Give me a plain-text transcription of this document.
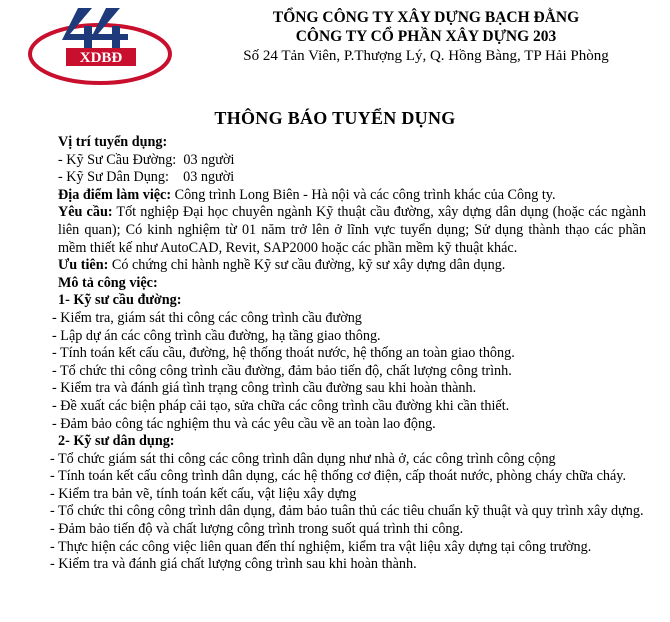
XDBĐ
TỔNG CÔNG TY XÂY DỰNG BẠCH ĐẰNG
CÔNG TY CỔ PHẦN XÂY DỰNG 203
Số 24 Tản Viên, P.Thượng Lý, Q. Hồng Bàng, TP Hải Phòng
THÔNG BÁO TUYỂN DỤNG

Vị trí tuyển dụng:

- Kỹ Sư Cầu Đường:  03 người

- Kỹ Sư Dân Dụng:    03 người

Địa điểm làm việc: Công trình Long Biên - Hà nội và các công trình khác của Công ty.

Yêu cầu: Tốt nghiệp Đại học chuyên ngành Kỹ thuật cầu đường, xây dựng dân dụng (hoặc các ngành liên quan); Có kinh nghiệm từ 01 năm trở lên ở lĩnh vực tuyển dụng; Sử dụng thành thạo các phần mềm thiết kế như AutoCAD, Revit, SAP2000 hoặc các phần mềm kỹ thuật khác.

Ưu tiên: Có chứng chỉ hành nghề Kỹ sư cầu đường, kỹ sư xây dựng dân dụng.

Mô tả công việc:

1- Kỹ sư cầu đường:

- Kiểm tra, giám sát thi công các công trình cầu đường

- Lập dự án các công trình cầu đường, hạ tầng giao thông.

- Tính toán kết cấu cầu, đường, hệ thống thoát nước, hệ thống an toàn giao thông.

- Tổ chức thi công công trình cầu đường, đảm bảo tiến độ, chất lượng công trình.

- Kiểm tra và đánh giá tình trạng công trình cầu đường sau khi hoàn thành.

- Đề xuất các biện pháp cải tạo, sửa chữa các công trình cầu đường khi cần thiết.

- Đảm bảo công tác nghiệm thu và các yêu cầu về an toàn lao động.

2- Kỹ sư dân dụng:

- Tổ chức giám sát thi công các công trình dân dụng như nhà ở, các công trình công cộng

- Tính toán kết cấu công trình dân dụng, các hệ thống cơ điện, cấp thoát nước, phòng cháy chữa cháy.

- Kiểm tra bản vẽ, tính toán kết cấu, vật liệu xây dựng

- Tổ chức thi công công trình dân dụng, đảm bảo tuân thủ các tiêu chuẩn kỹ thuật và quy trình xây dựng.

- Đảm bảo tiến độ và chất lượng công trình trong suốt quá trình thi công.

- Thực hiện các công việc liên quan đến thí nghiệm, kiểm tra vật liệu xây dựng tại công trường.

- Kiểm tra và đánh giá chất lượng công trình sau khi hoàn thành.
